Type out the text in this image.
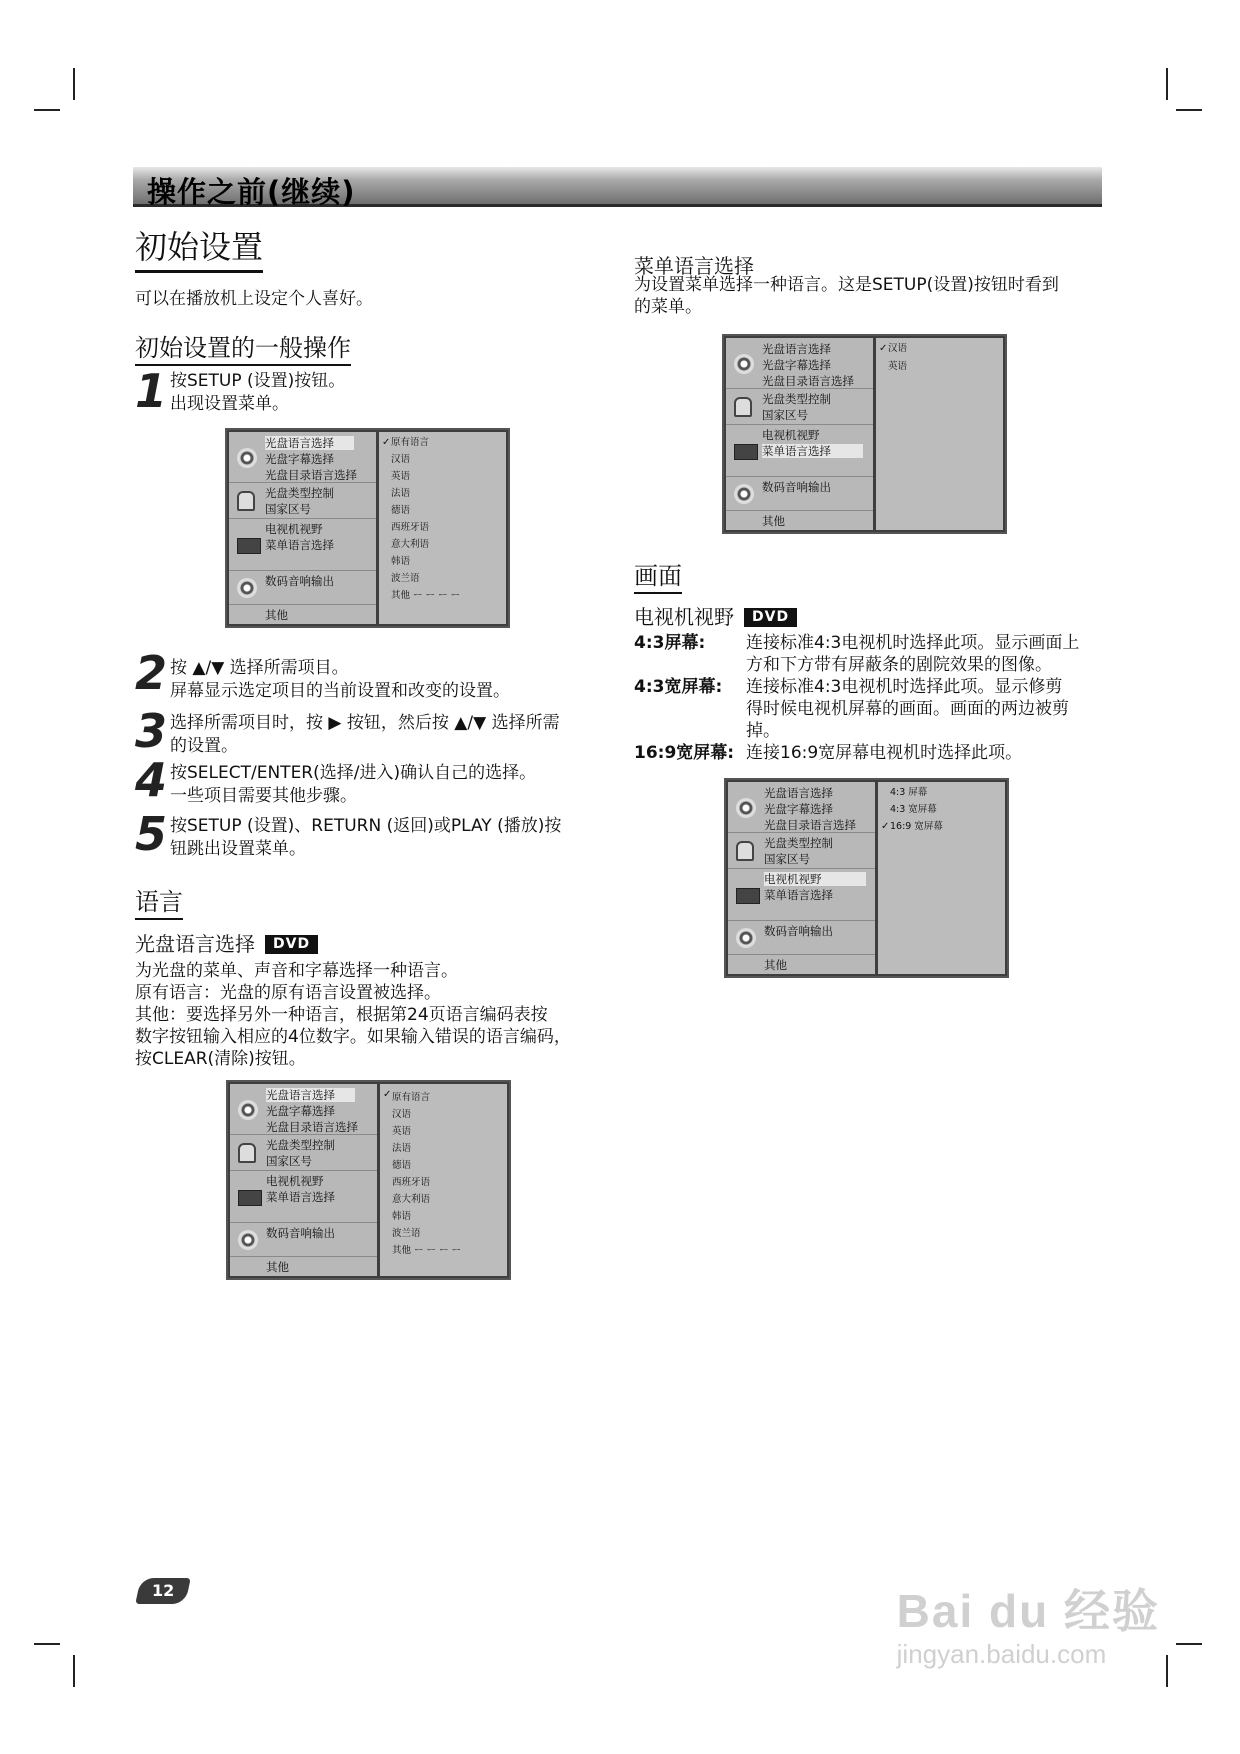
操作之前(继续)
初始设置
可以在播放机上设定个人喜好。
初始设置的一般操作
1 按SETUP (设置)按钮。
出现设置菜单。
光盘语言选择
光盘字幕选择
光盘目录语言选择
光盘类型控制
国家区号
电视机视野
菜单语言选择
数码音响输出
其他
✓ 原有语言
汉语
英语
法语
德语
西班牙语
意大利语
韩语
波兰语
其他 ー ー ー ー
2 按 ▲/▼ 选择所需项目。
屏幕显示选定项目的当前设置和改变的设置。
3 选择所需项目时，按 ▶ 按钮，然后按 ▲/▼ 选择所需
的设置。
4 按SELECT/ENTER(选择/进入)确认自己的选择。
一些项目需要其他步骤。
5 按SETUP (设置)、RETURN (返回)或PLAY (播放)按
钮跳出设置菜单。
语言
光盘语言选择 DVD
为光盘的菜单、声音和字幕选择一种语言。
原有语言：光盘的原有语言设置被选择。
其他：要选择另外一种语言，根据第24页语言编码表按
数字按钮输入相应的4位数字。如果输入错误的语言编码，
按CLEAR(清除)按钮。
光盘语言选择
光盘字幕选择
光盘目录语言选择
光盘类型控制
国家区号
电视机视野
菜单语言选择
数码音响输出
其他
✓ 原有语言
汉语
英语
法语
德语
西班牙语
意大利语
韩语
波兰语
其他 ー ー ー ー
菜单语言选择
为设置菜单选择一种语言。这是SETUP(设置)按钮时看到
的菜单。
光盘语言选择
光盘字幕选择
光盘目录语言选择
光盘类型控制
国家区号
电视机视野
菜单语言选择
数码音响输出
其他
✓ 汉语
英语
画面
电视机视野 DVD
4:3屏幕: 连接标准4:3电视机时选择此项。显示画面上
方和下方带有屏蔽条的剧院效果的图像。
4:3宽屏幕: 连接标准4:3电视机时选择此项。显示修剪
得时候电视机屏幕的画面。画面的两边被剪
掉。
16:9宽屏幕: 连接16:9宽屏幕电视机时选择此项。
光盘语言选择
光盘字幕选择
光盘目录语言选择
光盘类型控制
国家区号
电视机视野
菜单语言选择
数码音响输出
其他
4:3 屏幕
4:3 宽屏幕
✓ 16:9 宽屏幕
12	Bai du 经验
jingyan.baidu.com
